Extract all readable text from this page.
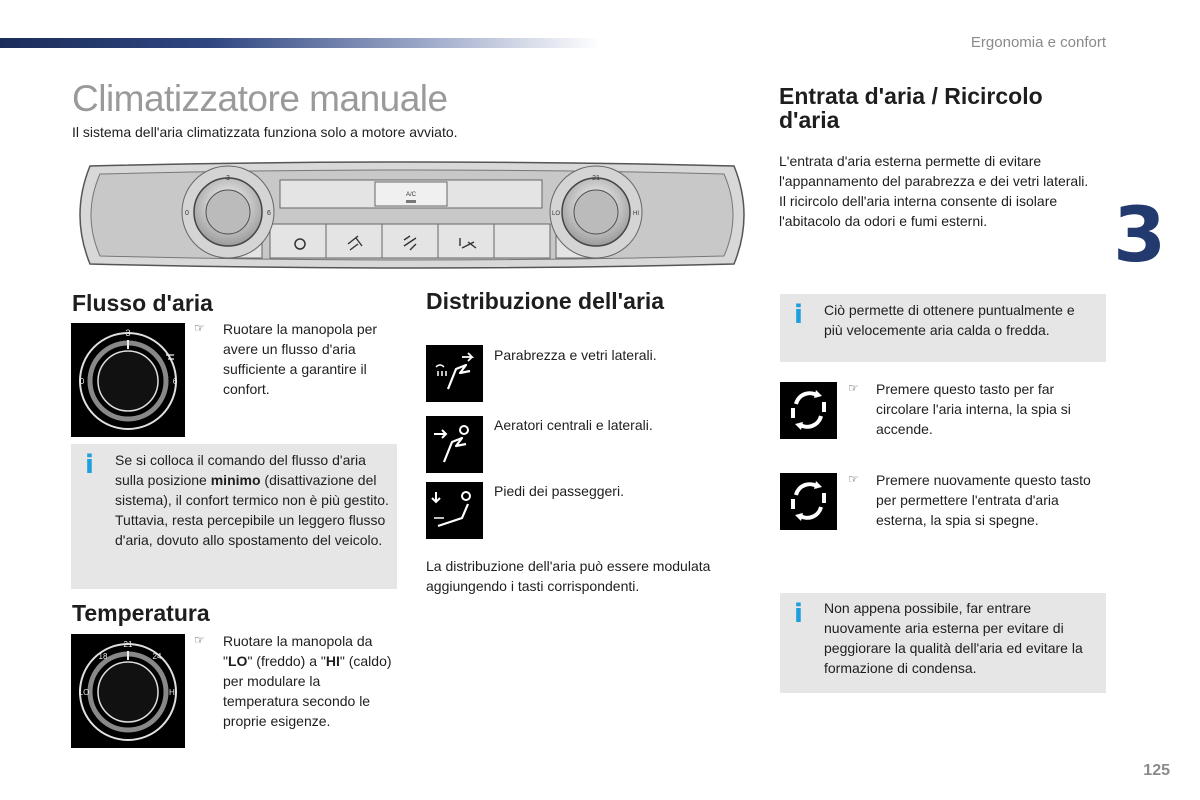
Ergonomia e confort
Climatizzatore manuale
Il sistema dell'aria climatizzata funziona solo a motore avviato.
A/C
3
0	6
21
LO	HI
Flusso d'aria
3
0	6
☞ Ruotare la manopola per avere un flusso d'aria sufficiente a garantire il confort.
i Se si colloca il comando del flusso d'aria sulla posizione minimo (disattivazione del sistema), il confort termico non è più gestito. Tuttavia, resta percepibile un leggero flusso d'aria, dovuto allo spostamento del veicolo.
Temperatura
18
21
24
LO	HI
☞ Ruotare la manopola da "LO" (freddo) a "HI" (caldo) per modulare la temperatura secondo le proprie esigenze.
Distribuzione dell'aria
Parabrezza e vetri laterali.
Aeratori centrali e laterali.
Piedi dei passeggeri.
La distribuzione dell'aria può essere modulata aggiungendo i tasti corrispondenti.
Entrata d'aria / Ricircolo d'aria
L'entrata d'aria esterna permette di evitare l'appannamento del parabrezza e dei vetri laterali.
Il ricircolo dell'aria interna consente di isolare l'abitacolo da odori e fumi esterni.	3
i Ciò permette di ottenere puntualmente e più velocemente aria calda o fredda.
☞ Premere questo tasto per far circolare l'aria interna, la spia si accende.
☞ Premere nuovamente questo tasto per permettere l'entrata d'aria esterna, la spia si spegne.
i Non appena possibile, far entrare nuovamente aria esterna per evitare di peggiorare la qualità dell'aria ed evitare la formazione di condensa.
125
